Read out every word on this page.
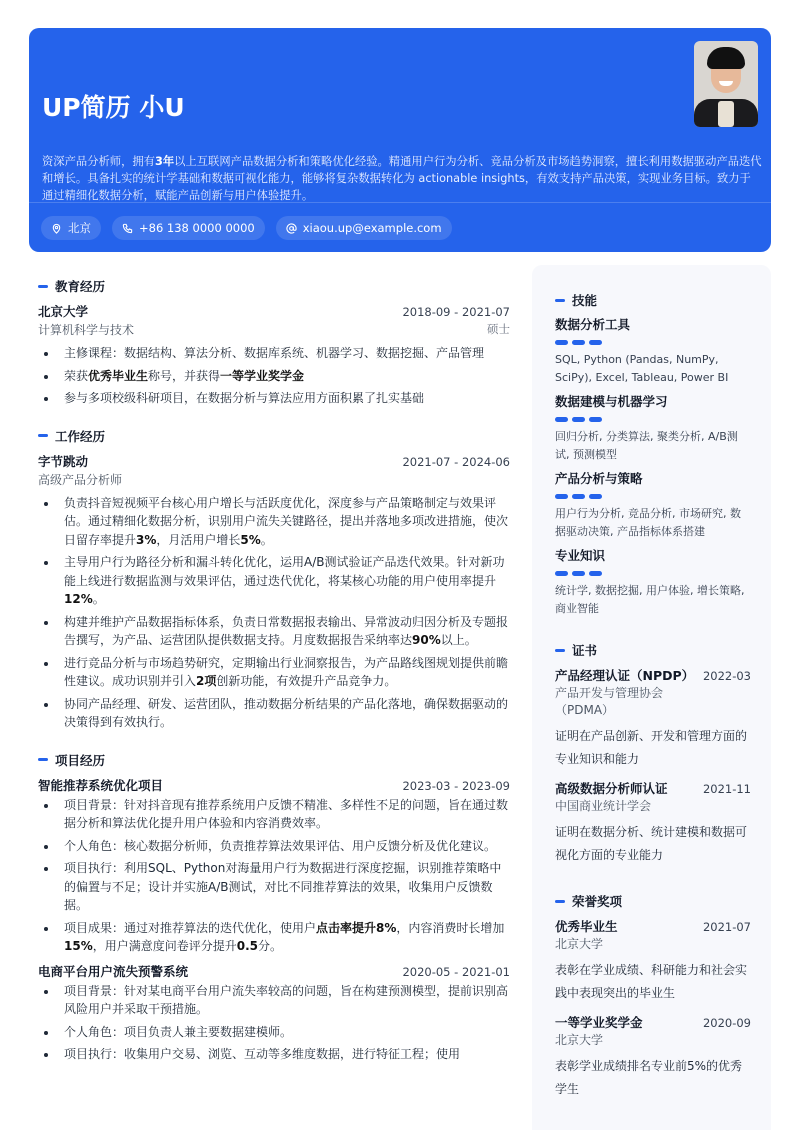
UP简历 小U
资深产品分析师，拥有3年以上互联网产品数据分析和策略优化经验。精通用户行为分析、竞品分析及市场趋势洞察，擅长利用数据驱动产品迭代和增长。具备扎实的统计学基础和数据可视化能力，能够将复杂数据转化为 actionable insights，有效支持产品决策，实现业务目标。致力于通过精细化数据分析，赋能产品创新与用户体验提升。
北京	+86 138 0000 0000	xiaou.up@example.com
教育经历
北京大学	2018-09 - 2021-07
计算机科学与技术	硕士
主修课程：数据结构、算法分析、数据库系统、机器学习、数据挖掘、产品管理
荣获优秀毕业生称号，并获得一等学业奖学金
参与多项校级科研项目，在数据分析与算法应用方面积累了扎实基础
工作经历
字节跳动	2021-07 - 2024-06
高级产品分析师
负责抖音短视频平台核心用户增长与活跃度优化，深度参与产品策略制定与效果评估。通过精细化数据分析，识别用户流失关键路径，提出并落地多项改进措施，使次日留存率提升3%，月活用户增长5%。
主导用户行为路径分析和漏斗转化优化，运用A/B测试验证产品迭代效果。针对新功能上线进行数据监测与效果评估，通过迭代优化，将某核心功能的用户使用率提升12%。
构建并维护产品数据指标体系，负责日常数据报表输出、异常波动归因分析及专题报告撰写，为产品、运营团队提供数据支持。月度数据报告采纳率达90%以上。
进行竞品分析与市场趋势研究，定期输出行业洞察报告，为产品路线图规划提供前瞻性建议。成功识别并引入2项创新功能，有效提升产品竞争力。
协同产品经理、研发、运营团队，推动数据分析结果的产品化落地，确保数据驱动的决策得到有效执行。
项目经历
智能推荐系统优化项目	2023-03 - 2023-09
项目背景：针对抖音现有推荐系统用户反馈不精准、多样性不足的问题，旨在通过数据分析和算法优化提升用户体验和内容消费效率。
个人角色：核心数据分析师，负责推荐算法效果评估、用户反馈分析及优化建议。
项目执行：利用SQL、Python对海量用户行为数据进行深度挖掘，识别推荐策略中的偏置与不足；设计并实施A/B测试，对比不同推荐算法的效果，收集用户反馈数据。
项目成果：通过对推荐算法的迭代优化，使用户点击率提升8%，内容消费时长增加15%，用户满意度问卷评分提升0.5分。
电商平台用户流失预警系统	2020-05 - 2021-01
项目背景：针对某电商平台用户流失率较高的问题，旨在构建预测模型，提前识别高风险用户并采取干预措施。
个人角色：项目负责人兼主要数据建模师。
项目执行：收集用户交易、浏览、互动等多维度数据，进行特征工程；使用
技能
数据分析工具
SQL, Python (Pandas, NumPy, SciPy), Excel, Tableau, Power BI
数据建模与机器学习
回归分析, 分类算法, 聚类分析, A/B测试, 预测模型
产品分析与策略
用户行为分析, 竞品分析, 市场研究, 数据驱动决策, 产品指标体系搭建
专业知识
统计学, 数据挖掘, 用户体验, 增长策略, 商业智能
证书
产品经理认证（NPDP） 2022-03
产品开发与管理协会（PDMA）
证明在产品创新、开发和管理方面的专业知识和能力
高级数据分析师认证	2021-11
中国商业统计学会
证明在数据分析、统计建模和数据可视化方面的专业能力
荣誉奖项
优秀毕业生	2021-07
北京大学
表彰在学业成绩、科研能力和社会实践中表现突出的毕业生
一等学业奖学金	2020-09
北京大学
表彰学业成绩排名专业前5%的优秀学生
